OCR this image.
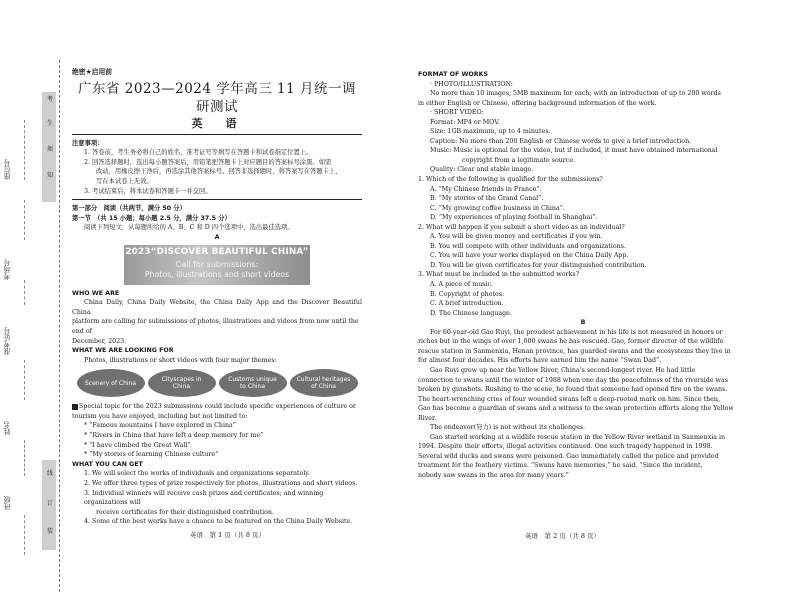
考
生
须
知
线
订
装
准考证号
考场号
座位号
姓名
班级
绝密★启用前
广东省 2023—2024 学年高三 11 月统一调研测试
英　语
注意事项：
1. 答卷前，考生务必将自己的姓名、准考证号等填写在答题卡和试卷指定位置上。
2. 回答选择题时，选出每小题答案后，用铅笔把答题卡上对应题目的答案标号涂黑。如需
改动，用橡皮擦干净后，再选涂其他答案标号。回答非选择题时，将答案写在答题卡上，
写在本试卷上无效。
3. 考试结束后，将本试卷和答题卡一并交回。
第一部分　阅读（共两节，满分 50 分）
第一节　（共 15 小题；每小题 2.5 分，满分 37.5 分）
阅读下列短文，从每题所给的 A、B、C 和 D 四个选项中，选出最佳选项。
A
2023“DISCOVER BEAUTIFUL CHINA”
Call for submissions:
Photos, illustrations and short videos
WHO WE ARE
China Daily, China Daily Website, the China Daily App and the Discover Beautiful China
platform are calling for submissions of photos, illustrations and videos from now until the end of
December, 2023.
WHAT WE ARE LOOKING FOR
Photos, illustrations or short videos with four major themes:
Scenery of China	Cityscapes in China
Customs unique to China
Cultural heritages of China
Special topic for the 2023 submissions could include specific experiences of culture or
tourism you have enjoyed, including but not limited to:
* “Famous mountains I have explored in China”
* “Rivers in China that have left a deep memory for me”
* “I have climbed the Great Wall”
* “My stories of learning Chinese culture”
WHAT YOU CAN GET
1. We will select the works of individuals and organizations separately.
2. We offer three types of prize respectively for photos, illustrations and short videos.
3. Individual winners will receive cash prizes and certificates; and winning organizations will
receive certificates for their distinguished contribution.
4. Some of the best works have a chance to be featured on the China Daily Website.
FORMAT OF WORKS
· PHOTO/ILLUSTRATION:
No more than 10 images, 5MB maximum for each; with an introduction of up to 200 words
in either English or Chinese, offering background information of the work.
· SHORT VIDEO:
Format: MP4 or MOV.
Size: 1GB maximum, up to 4 minutes.
Caption: No more than 200 English or Chinese words to give a brief introduction.
Music: Music is optional for the video, but if included, it must have obtained international
copyright from a legitimate source.
Quality: Clear and stable image.
1. Which of the following is qualified for the submissions?
A. “My Chinese friends in France”.
B. “My stories of the Grand Canal”.
C. “My growing coffee business in China”.
D. “My experiences of playing football in Shanghai”.
2. What will happen if you submit a short video as an individual?
A. You will be given money and certificates if you win.
B. You will compete with other individuals and organizations.
C. You will have your works displayed on the China Daily App.
D. You will be given certificates for your distinguished contribution.
3. What must be included in the submitted works?
A. A piece of music.
B. Copyright of photos.
C. A brief introduction.
D. The Chinese language.
B
For 60-year-old Gao Ruyi, the proudest achievement in his life is not measured in honors or
riches but in the wings of over 1,000 swans he has rescued. Gao, former director of the wildlife
rescue station in Sanmenxia, Henan province, has guarded swans and the ecosystems they live in
for almost four decades. His efforts have earned him the name “Swan Dad”.
Gao Ruyi grew up near the Yellow River, China’s second-longest river. He had little
connection to swans until the winter of 1988 when one day the peacefulness of the riverside was
broken by gunshots. Rushing to the scene, he found that someone had opened fire on the swans.
The heart-wrenching cries of four wounded swans left a deep-rooted mark on him. Since then,
Gao has become a guardian of swans and a witness to the swan protection efforts along the Yellow
River.
The endeavor(努力) is not without its challenges.
Gao started working at a wildlife rescue station in the Yellow River wetland in Sanmenxia in
1994. Despite their efforts, illegal activities continued. One such tragedy happened in 1998.
Several wild ducks and swans were poisoned. Gao immediately called the police and provided
treatment for the feathery victims. “Swans have memories,” he said, “Since the incident,
nobody saw swans in the area for many years.”
英语　第 1 页（共 8 页）	英语　第 2 页（共 8 页）
